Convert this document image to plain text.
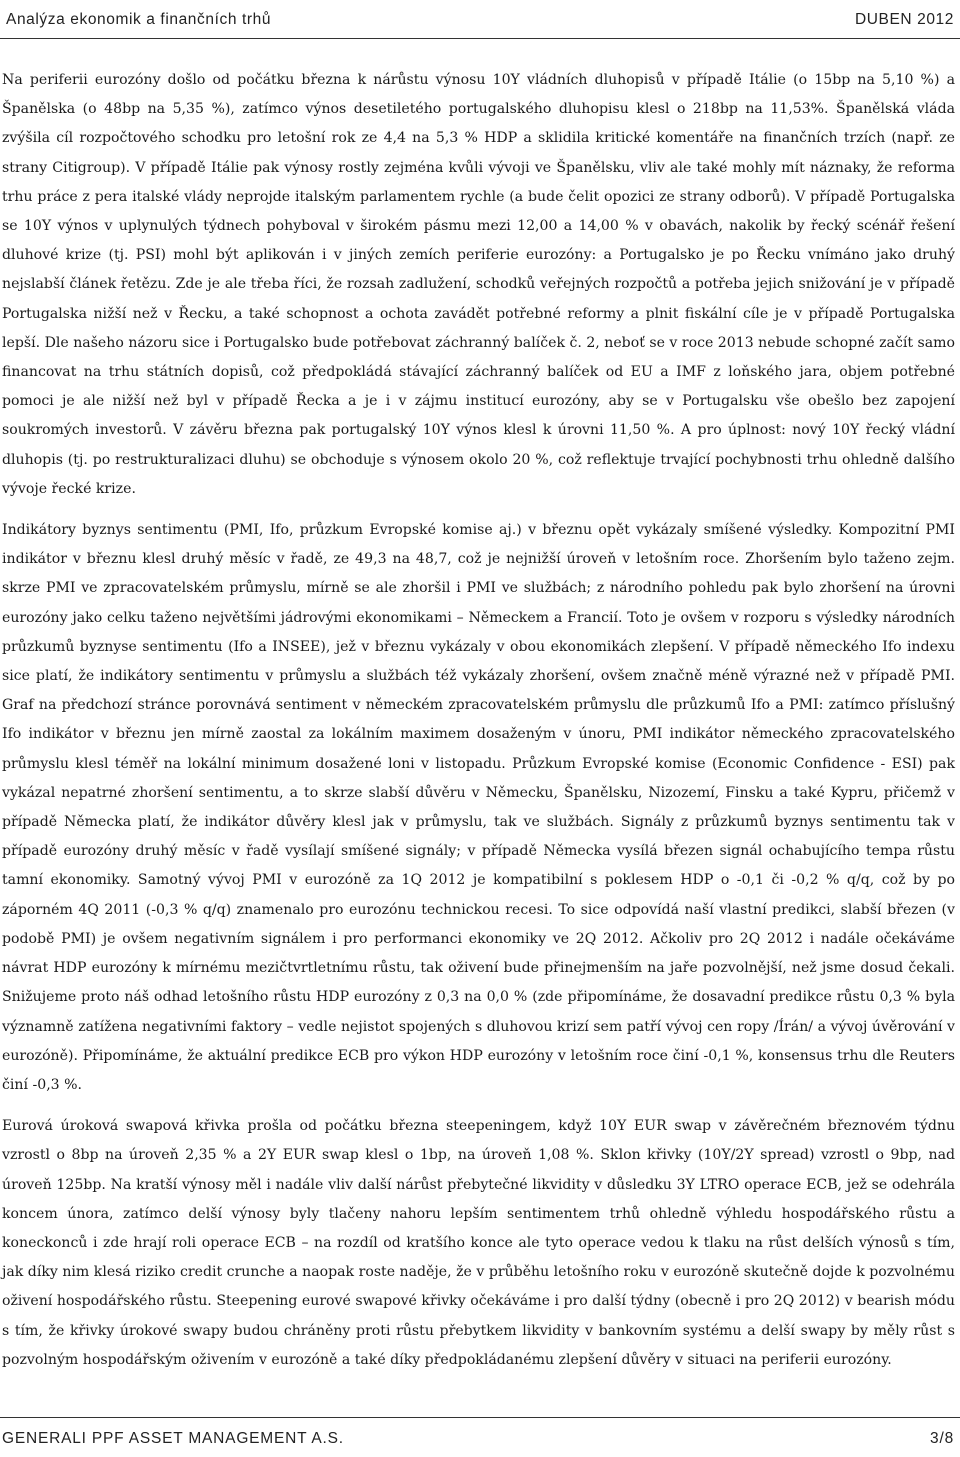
Analýza ekonomik a finančních trhů	DUBEN 2012

Na periferii eurozóny došlo od počátku března k nárůstu výnosu 10Y vládních dluhopisů v případě Itálie (o 15bp na 5,10 %) a Španělska (o 48bp na 5,35 %), zatímco výnos desetiletého portugalského dluhopisu klesl o 218bp na 11,53%. Španělská vláda zvýšila cíl rozpočtového schodku pro letošní rok ze 4,4 na 5,3 % HDP a sklidila kritické komentáře na finančních trzích (např. ze strany Citigroup). V případě Itálie pak výnosy rostly zejména kvůli vývoji ve Španělsku, vliv ale také mohly mít náznaky, že reforma trhu práce z pera italské vlády neprojde italským parlamentem rychle (a bude čelit opozici ze strany odborů). V případě Portugalska se 10Y výnos v uplynulých týdnech pohyboval v širokém pásmu mezi 12,00 a 14,00 % v obavách, nakolik by řecký scénář řešení dluhové krize (tj. PSI) mohl být aplikován i v jiných zemích periferie eurozóny: a Portugalsko je po Řecku vnímáno jako druhý nejslabší článek řetězu. Zde je ale třeba říci, že rozsah zadlužení, schodků veřejných rozpočtů a potřeba jejich snižování je v případě Portugalska nižší než v Řecku, a také schopnost a ochota zavádět potřebné reformy a plnit fiskální cíle je v případě Portugalska lepší. Dle našeho názoru sice i Portugalsko bude potřebovat záchranný balíček č. 2, neboť se v roce 2013 nebude schopné začít samo financovat na trhu státních dopisů, což předpokládá stávající záchranný balíček od EU a IMF z loňského jara, objem potřebné pomoci je ale nižší než byl v případě Řecka a je i v zájmu institucí eurozóny, aby se v Portugalsku vše obešlo bez zapojení soukromých investorů. V závěru března pak portugalský 10Y výnos klesl k úrovni 11,50 %. A pro úplnost: nový 10Y řecký vládní dluhopis (tj. po restrukturalizaci dluhu) se obchoduje s výnosem okolo 20 %, což reflektuje trvající pochybnosti trhu ohledně dalšího vývoje řecké krize.

Indikátory byznys sentimentu (PMI, Ifo, průzkum Evropské komise aj.) v březnu opět vykázaly smíšené výsledky. Kompozitní PMI indikátor v březnu klesl druhý měsíc v řadě, ze 49,3 na 48,7, což je nejnižší úroveň v letošním roce. Zhoršením bylo taženo zejm. skrze PMI ve zpracovatelském průmyslu, mírně se ale zhoršil i PMI ve službách; z národního pohledu pak bylo zhoršení na úrovni eurozóny jako celku taženo největšími jádrovými ekonomikami – Německem a Francií. Toto je ovšem v rozporu s výsledky národních průzkumů byznyse sentimentu (Ifo a INSEE), jež v březnu vykázaly v obou ekonomikách zlepšení. V případě německého Ifo indexu sice platí, že indikátory sentimentu v průmyslu a službách též vykázaly zhoršení, ovšem značně méně výrazné než v případě PMI. Graf na předchozí stránce porovnává sentiment v německém zpracovatelském průmyslu dle průzkumů Ifo a PMI: zatímco příslušný Ifo indikátor v březnu jen mírně zaostal za lokálním maximem dosaženým v únoru, PMI indikátor německého zpracovatelského průmyslu klesl téměř na lokální minimum dosažené loni v listopadu. Průzkum Evropské komise (Economic Confidence - ESI) pak vykázal nepatrné zhoršení sentimentu, a to skrze slabší důvěru v Německu, Španělsku, Nizozemí, Finsku a také Kypru, přičemž v případě Německa platí, že indikátor důvěry klesl jak v průmyslu, tak ve službách. Signály z průzkumů byznys sentimentu tak v případě eurozóny druhý měsíc v řadě vysílají smíšené signály; v případě Německa vysílá březen signál ochabujícího tempa růstu tamní ekonomiky. Samotný vývoj PMI v eurozóně za 1Q 2012 je kompatibilní s poklesem HDP o -0,1 či -0,2 % q/q, což by po záporném 4Q 2011 (-0,3 % q/q) znamenalo pro eurozónu technickou recesi. To sice odpovídá naší vlastní predikci, slabší březen (v podobě PMI) je ovšem negativním signálem i pro performanci ekonomiky ve 2Q 2012. Ačkoliv pro 2Q 2012 i nadále očekáváme návrat HDP eurozóny k mírnému mezičtvrtletnímu růstu, tak oživení bude přinejmenším na jaře pozvolnější, než jsme dosud čekali. Snižujeme proto náš odhad letošního růstu HDP eurozóny z 0,3 na 0,0 % (zde připomínáme, že dosavadní predikce růstu 0,3 % byla významně zatížena negativními faktory – vedle nejistot spojených s dluhovou krizí sem patří vývoj cen ropy /Írán/ a vývoj úvěrování v eurozóně). Připomínáme, že aktuální predikce ECB pro výkon HDP eurozóny v letošním roce činí -0,1 %, konsensus trhu dle Reuters činí -0,3 %.

Eurová úroková swapová křivka prošla od počátku března steepeningem, když 10Y EUR swap v závěrečném březnovém týdnu vzrostl o 8bp na úroveň 2,35 % a 2Y EUR swap klesl o 1bp, na úroveň 1,08 %. Sklon křivky (10Y/2Y spread) vzrostl o 9bp, nad úroveň 125bp. Na kratší výnosy měl i nadále vliv další nárůst přebytečné likvidity v důsledku 3Y LTRO operace ECB, jež se odehrála koncem února, zatímco delší výnosy byly tlačeny nahoru lepším sentimentem trhů ohledně výhledu hospodářského růstu a koneckonců i zde hrají roli operace ECB – na rozdíl od kratšího konce ale tyto operace vedou k tlaku na růst delších výnosů s tím, jak díky nim klesá riziko credit crunche a naopak roste naděje, že v průběhu letošního roku v eurozóně skutečně dojde k pozvolnému oživení hospodářského růstu. Steepening eurové swapové křivky očekáváme i pro další týdny (obecně i pro 2Q 2012) v bearish módu s tím, že křivky úrokové swapy budou chráněny proti růstu přebytkem likvidity v bankovním systému a delší swapy by měly růst s pozvolným hospodářským oživením v eurozóně a také díky předpokládanému zlepšení důvěry v situaci na periferii eurozóny.

GENERALI PPF ASSET MANAGEMENT A.S.	3/8
